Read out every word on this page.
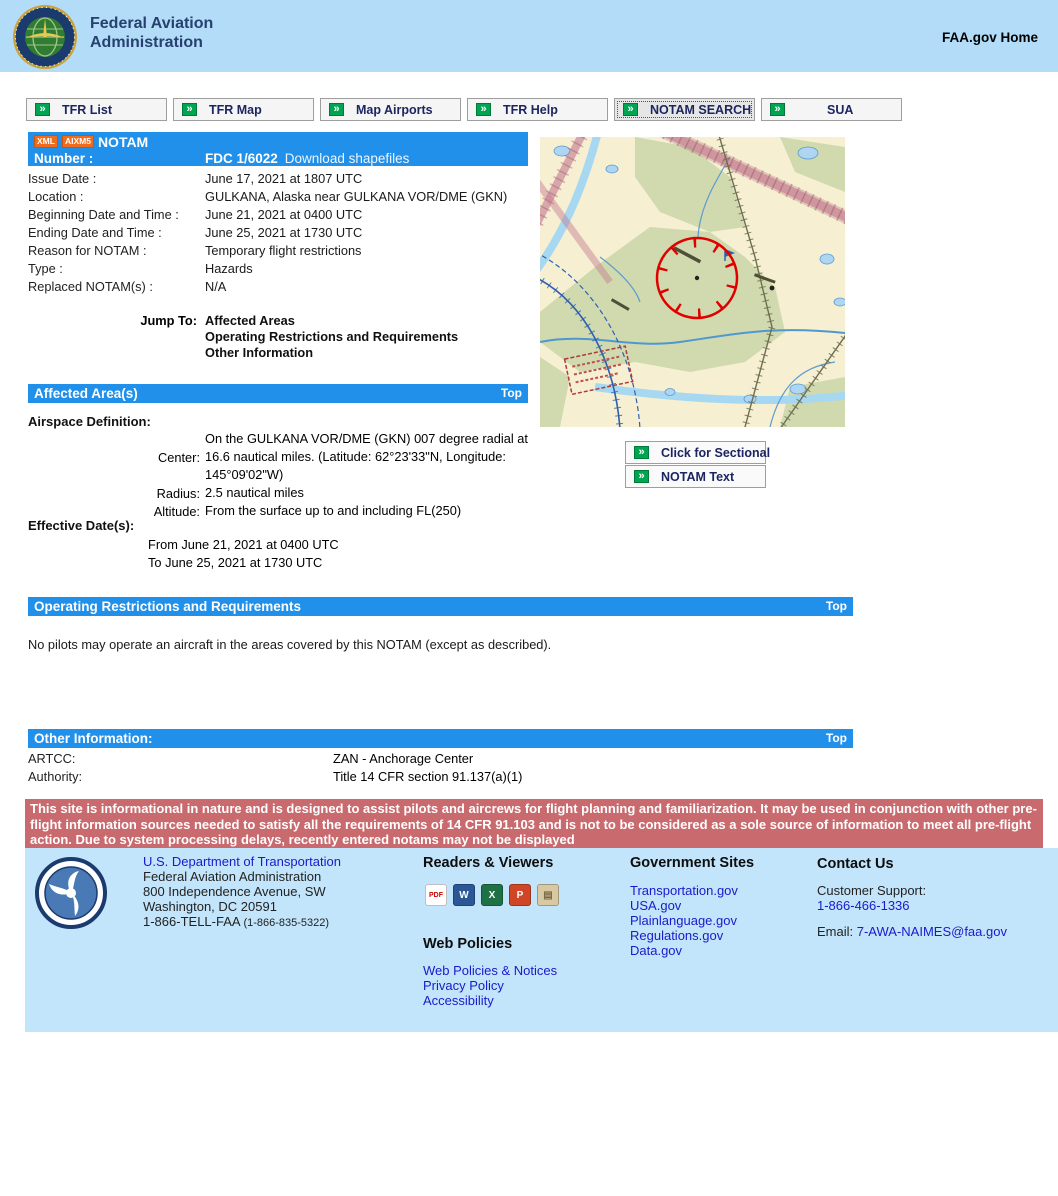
Federal Aviation
Administration	FAA.gov Home
»	TFR List	»	TFR Map	»	Map Airports	»	TFR Help	»	NOTAM SEARCH	»	SUA
XML	AIXM5 NOTAM
Number :	FDC 1/6022 Download shapefiles
Issue Date :	June 17, 2021 at 1807 UTC
Location :	GULKANA, Alaska near GULKANA VOR/DME (GKN)
Beginning Date and Time :	June 21, 2021 at 0400 UTC
Ending Date and Time :	June 25, 2021 at 1730 UTC
Reason for NOTAM :	Temporary flight restrictions
Type :	Hazards
Replaced NOTAM(s) :	N/A
Jump To: Affected Areas
Operating Restrictions and Requirements
Other Information
»	Click for Sectional
»	NOTAM Text
Affected Area(s)	Top
Airspace Definition:
Center:	On the GULKANA VOR/DME (GKN) 007 degree radial at 16.6 nautical miles. (Latitude: 62°23'33"N, Longitude: 145°09'02"W)
Radius:	2.5 nautical miles
Altitude:	From the surface up to and including FL(250)
Effective Date(s):
From June 21, 2021 at 0400 UTC
To June 25, 2021 at 1730 UTC
Operating Restrictions and Requirements	Top
No pilots may operate an aircraft in the areas covered by this NOTAM (except as described).
Other Information:	Top
ARTCC:	ZAN - Anchorage Center
Authority:	Title 14 CFR section 91.137(a)(1)
This site is informational in nature and is designed to assist pilots and aircrews for flight planning and familiarization. It may be used in conjunction with other pre-flight information sources needed to satisfy all the requirements of 14 CFR 91.103 and is not to be considered as a sole source of information to meet all pre-flight action. Due to system processing delays, recently entered notams may not be displayed
U.S. Department of Transportation
Federal Aviation Administration
800 Independence Avenue, SW
Washington, DC 20591
1-866-TELL-FAA (1-866-835-5322)
Readers & Viewers
PDF	W	X	P	▤
Web Policies
Web Policies & Notices
Privacy Policy
Accessibility
Government Sites
Transportation.gov
USA.gov
Plainlanguage.gov
Regulations.gov
Data.gov
Contact Us
Customer Support:
1-866-466-1336
Email: 7-AWA-NAIMES@faa.gov
